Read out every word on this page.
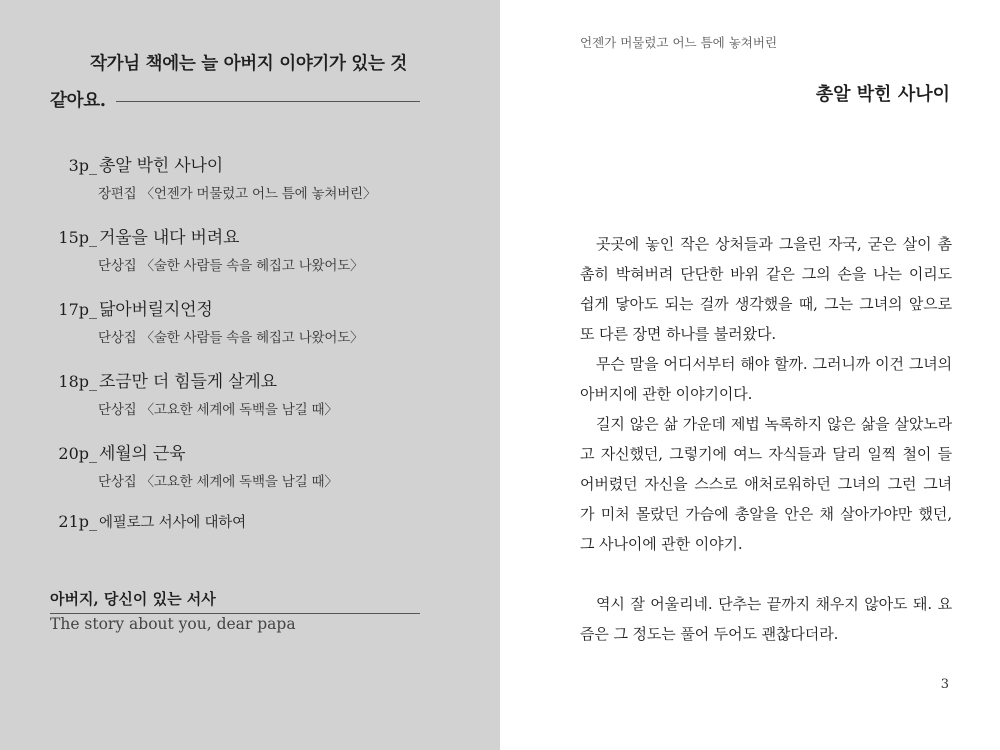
작가님 책에는 늘 아버지 이야기가 있는 것
같아요.
3p_ 총알 박힌 사나이
장편집 〈언젠가 머물렀고 어느 틈에 놓쳐버린〉
15p_ 거울을 내다 버려요
단상집 〈술한 사람들 속을 헤집고 나왔어도〉
17p_ 닮아버릴지언정
단상집 〈술한 사람들 속을 헤집고 나왔어도〉
18p_ 조금만 더 힘들게 살게요
단상집 〈고요한 세계에 독백을 남길 때〉
20p_ 세월의 근육
단상집 〈고요한 세계에 독백을 남길 때〉
21p_ 에필로그 서사에 대하여
아버지, 당신이 있는 서사
The story about you, dear papa
언젠가 머물렀고 어느 틈에 놓쳐버린
총알 박힌 사나이

곳곳에 놓인 작은 상처들과 그을린 자국, 굳은 살이 촘촘히 박혀버려 단단한 바위 같은 그의 손을 나는 이리도 쉽게 닿아도 되는 걸까 생각했을 때, 그는 그녀의 앞으로 또 다른 장면 하나를 불러왔다.

무슨 말을 어디서부터 해야 할까. 그러니까 이건 그녀의 아버지에 관한 이야기이다.

길지 않은 삶 가운데 제법 녹록하지 않은 삶을 살았노라고 자신했던, 그렇기에 여느 자식들과 달리 일찍 철이 들어버렸던 자신을 스스로 애처로워하던 그녀의 그런 그녀가 미처 몰랐던 가슴에 총알을 안은 채 살아가야만 했던, 그 사나이에 관한 이야기.

역시 잘 어울리네. 단추는 끝까지 채우지 않아도 돼. 요즘은 그 정도는 풀어 두어도 괜찮다더라.

3
